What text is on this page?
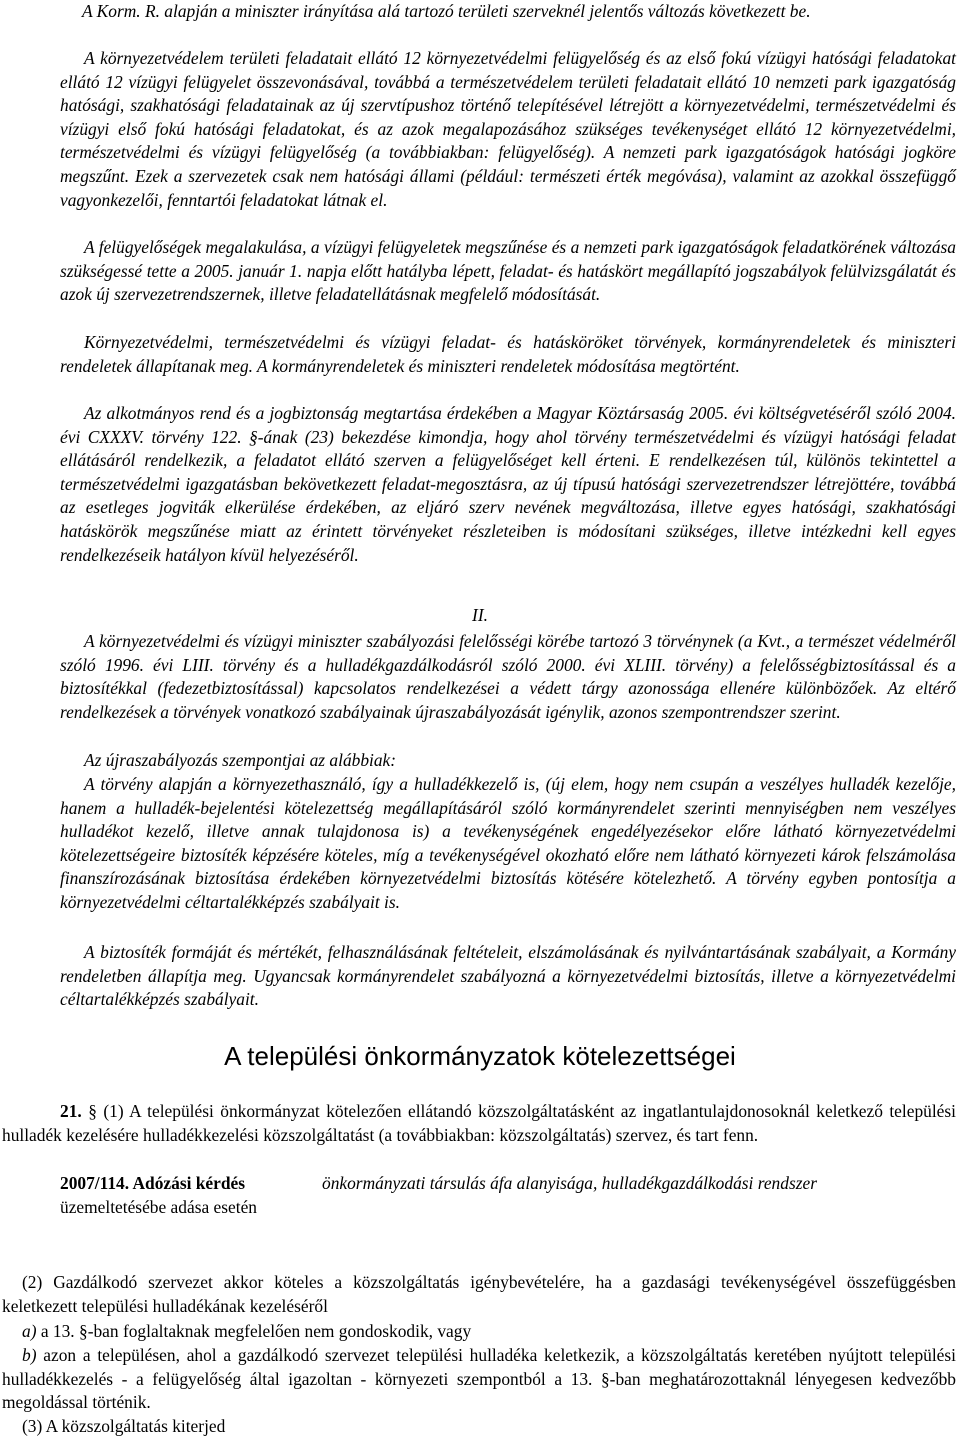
A Korm. R. alapján a miniszter irányítása alá tartozó területi szerveknél jelentős változás következett be.
A környezetvédelem területi feladatait ellátó 12 környezetvédelmi felügyelőség és az első fokú vízügyi hatósági feladatokat ellátó 12 vízügyi felügyelet összevonásával, továbbá a természetvédelem területi feladatait ellátó 10 nemzeti park igazgatóság hatósági, szakhatósági feladatainak az új szervtípushoz történő telepítésével létrejött a környezetvédelmi, természetvédelmi és vízügyi első fokú hatósági feladatokat, és az azok megalapozásához szükséges tevékenységet ellátó 12 környezetvédelmi, természetvédelmi és vízügyi felügyelőség (a továbbiakban: felügyelőség). A nemzeti park igazgatóságok hatósági jogköre megszűnt. Ezek a szervezetek csak nem hatósági állami (például: természeti érték megóvása), valamint az azokkal összefüggő vagyonkezelői, fenntartói feladatokat látnak el.
A felügyelőségek megalakulása, a vízügyi felügyeletek megszűnése és a nemzeti park igazgatóságok feladatkörének változása szükségessé tette a 2005. január 1. napja előtt hatályba lépett, feladat- és hatáskört megállapító jogszabályok felülvizsgálatát és azok új szervezetrendszernek, illetve feladatellátásnak megfelelő módosítását.
Környezetvédelmi, természetvédelmi és vízügyi feladat- és hatásköröket törvények, kormányrendeletek és miniszteri rendeletek állapítanak meg. A kormányrendeletek és miniszteri rendeletek módosítása megtörtént.
Az alkotmányos rend és a jogbiztonság megtartása érdekében a Magyar Köztársaság 2005. évi költségvetéséről szóló 2004. évi CXXXV. törvény 122. §-ának (23) bekezdése kimondja, hogy ahol törvény természetvédelmi és vízügyi hatósági feladat ellátásáról rendelkezik, a feladatot ellátó szerven a felügyelőséget kell érteni. E rendelkezésen túl, különös tekintettel a természetvédelmi igazgatásban bekövetkezett feladat-megosztásra, az új típusú hatósági szervezetrendszer létrejöttére, továbbá az esetleges jogviták elkerülése érdekében, az eljáró szerv nevének megváltozása, illetve egyes hatósági, szakhatósági hatáskörök megszűnése miatt az érintett törvényeket részleteiben is módosítani szükséges, illetve intézkedni kell egyes rendelkezéseik hatályon kívül helyezéséről.
II.
A környezetvédelmi és vízügyi miniszter szabályozási felelősségi körébe tartozó 3 törvénynek (a Kvt., a természet védelméről szóló 1996. évi LIII. törvény és a hulladékgazdálkodásról szóló 2000. évi XLIII. törvény) a felelősségbiztosítással és a biztosítékkal (fedezetbiztosítással) kapcsolatos rendelkezései a védett tárgy azonossága ellenére különbözőek. Az eltérő rendelkezések a törvények vonatkozó szabályainak újraszabályozását igénylik, azonos szempontrendszer szerint.
Az újraszabályozás szempontjai az alábbiak:
A törvény alapján a környezethasználó, így a hulladékkezelő is, (új elem, hogy nem csupán a veszélyes hulladék kezelője, hanem a hulladék-bejelentési kötelezettség megállapításáról szóló kormányrendelet szerinti mennyiségben nem veszélyes hulladékot kezelő, illetve annak tulajdonosa is) a tevékenységének engedélyezésekor előre látható környezetvédelmi kötelezettségeire biztosíték képzésére köteles, míg a tevékenységével okozható előre nem látható környezeti károk felszámolása finanszírozásának biztosítása érdekében környezetvédelmi biztosítás kötésére kötelezhető. A törvény egyben pontosítja a környezetvédelmi céltartalékképzés szabályait is.
A biztosíték formáját és mértékét, felhasználásának feltételeit, elszámolásának és nyilvántartásának szabályait, a Kormány rendeletben állapítja meg. Ugyancsak kormányrendelet szabályozná a környezetvédelmi biztosítás, illetve a környezetvédelmi céltartalékképzés szabályait.
A települési önkormányzatok kötelezettségei
21. § (1) A települési önkormányzat kötelezően ellátandó közszolgáltatásként az ingatlantulajdonosoknál keletkező települési hulladék kezelésére hulladékkezelési közszolgáltatást (a továbbiakban: közszolgáltatás) szervez, és tart fenn.
2007/114. Adózási kérdés	önkormányzati társulás áfa alanyisága, hulladékgazdálkodási rendszer
üzemeltetésébe adása esetén
(2) Gazdálkodó szervezet akkor köteles a közszolgáltatás igénybevételére, ha a gazdasági tevékenységével összefüggésben keletkezett települési hulladékának kezeléséről
a) a 13. §-ban foglaltaknak megfelelően nem gondoskodik, vagy
b) azon a településen, ahol a gazdálkodó szervezet települési hulladéka keletkezik, a közszolgáltatás keretében nyújtott települési hulladékkezelés - a felügyelőség által igazoltan - környezeti szempontból a 13. §-ban meghatározottaknál lényegesen kedvezőbb megoldással történik.
(3) A közszolgáltatás kiterjed
